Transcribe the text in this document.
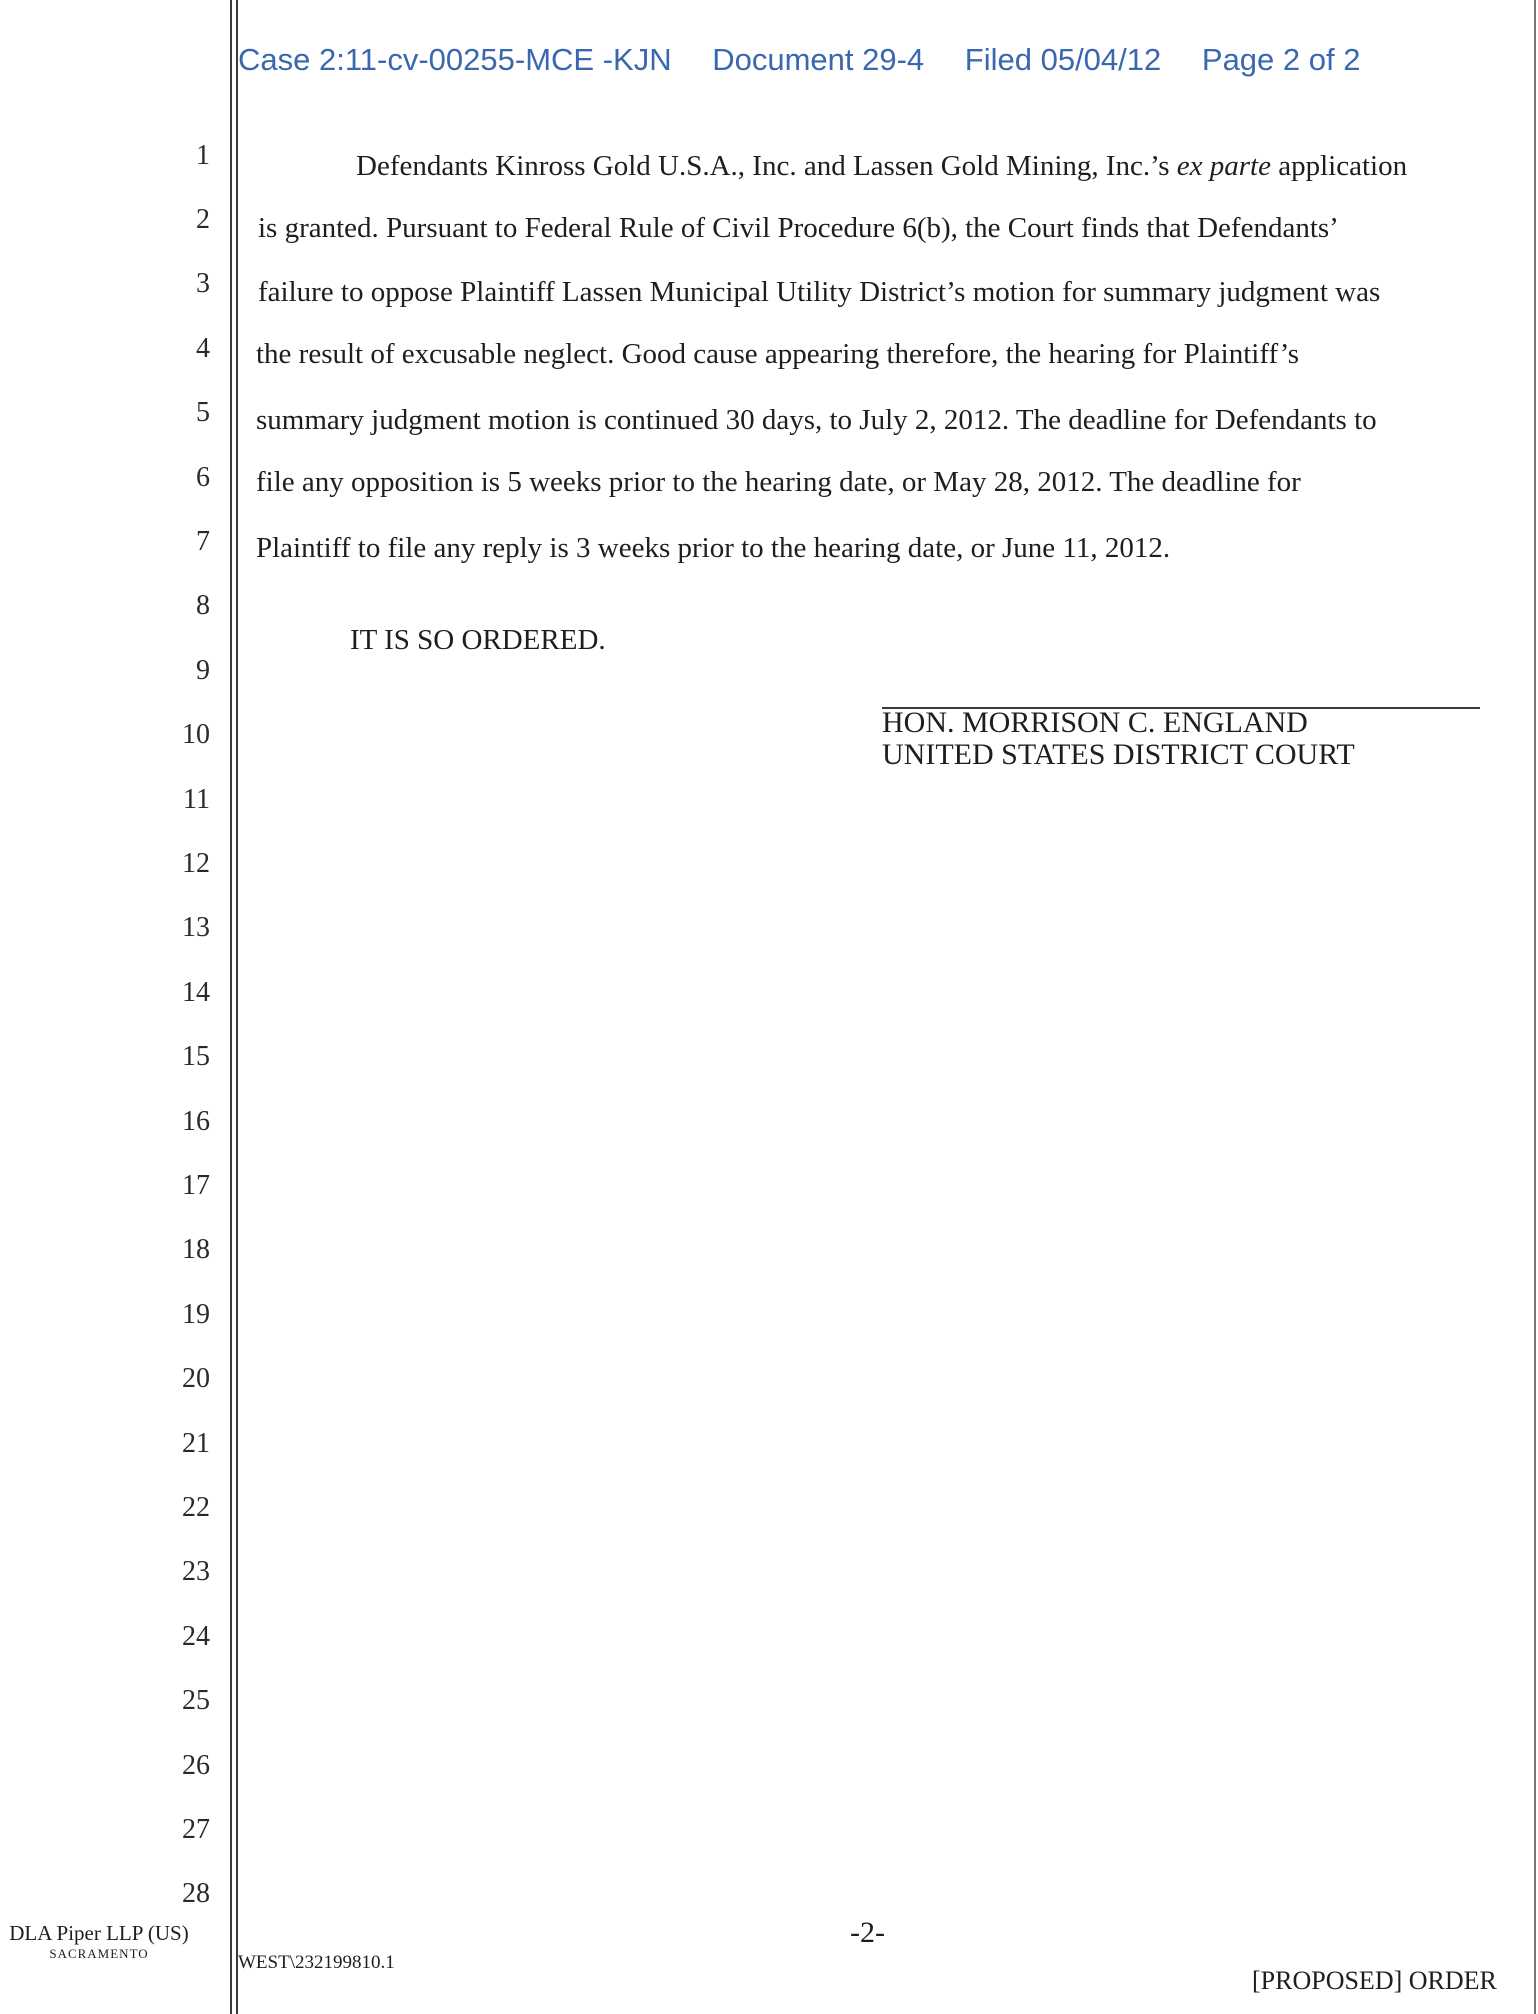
Case 2:11-cv-00255-MCE -KJN Document 29-4 Filed 05/04/12 Page 2 of 2
1
2
3
4
5
6
7
8
9
10
11
12
13
14
15
16
17
18
19
20
21
22
23
24
25
26
27
28
Defendants Kinross Gold U.S.A., Inc. and Lassen Gold Mining, Inc.’s ex parte application
is granted. Pursuant to Federal Rule of Civil Procedure 6(b), the Court finds that Defendants’
failure to oppose Plaintiff Lassen Municipal Utility District’s motion for summary judgment was
the result of excusable neglect. Good cause appearing therefore, the hearing for Plaintiff’s
summary judgment motion is continued 30 days, to July 2, 2012. The deadline for Defendants to
file any opposition is 5 weeks prior to the hearing date, or May 28, 2012. The deadline for
Plaintiff to file any reply is 3 weeks prior to the hearing date, or June 11, 2012.
IT IS SO ORDERED.
HON. MORRISON C. ENGLAND
UNITED STATES DISTRICT COURT
DLA Piper LLP (US)
SACRAMENTO
-2-
WEST\232199810.1
[PROPOSED] ORDER
